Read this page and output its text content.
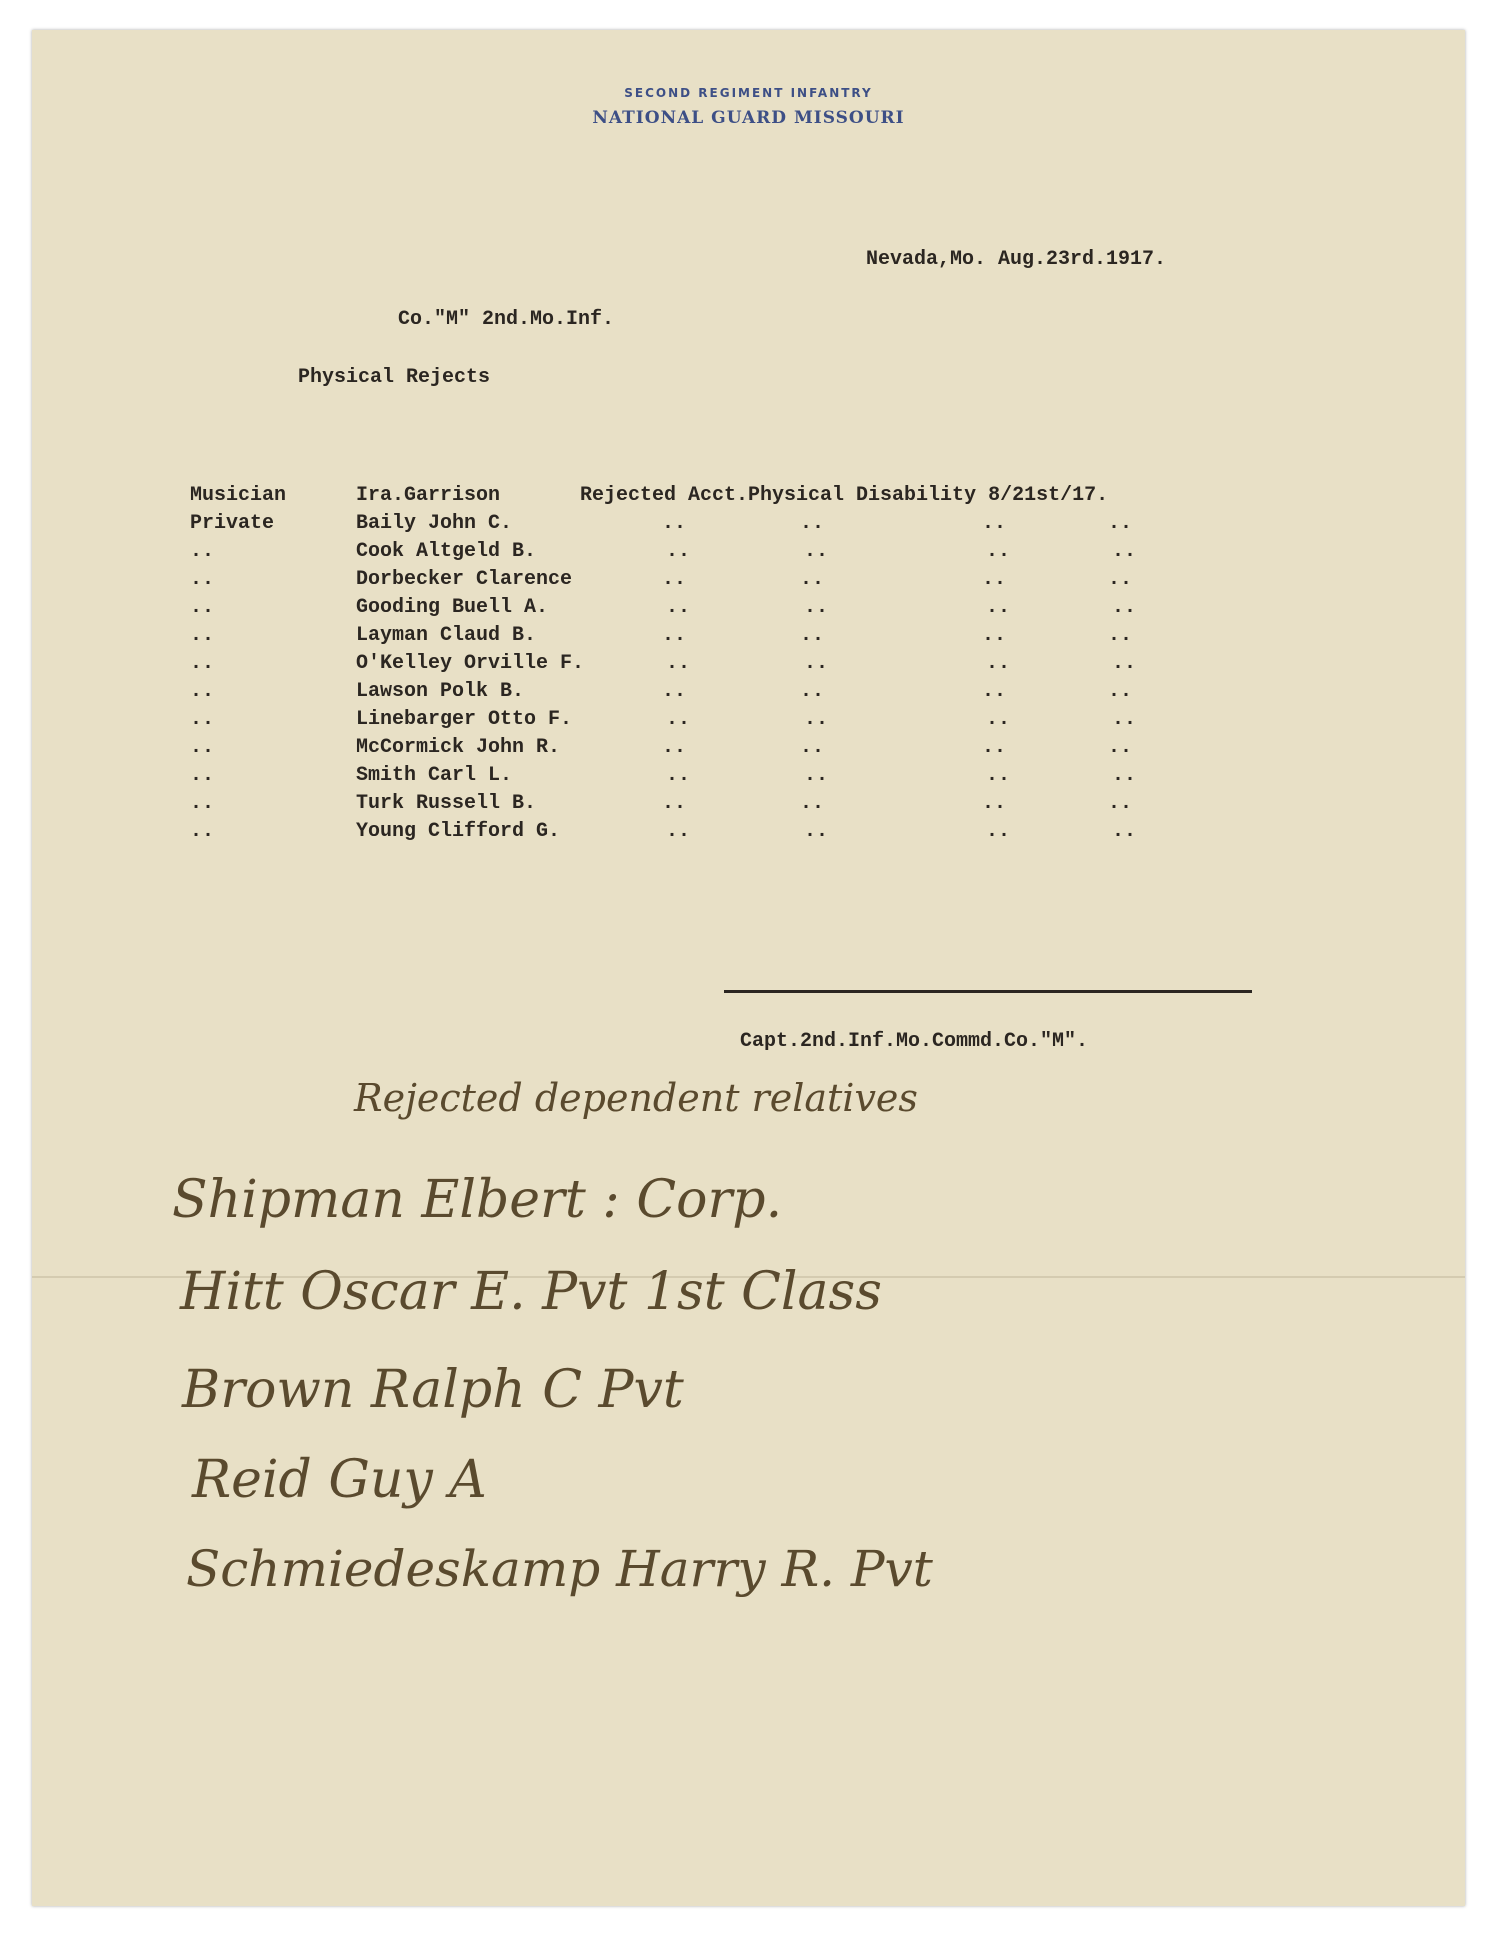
SECOND REGIMENT INFANTRY
NATIONAL GUARD MISSOURI
Nevada,Mo. Aug.23rd.1917.
Co."M" 2nd.Mo.Inf.
Physical Rejects
Musician	Ira.Garrison	Rejected Acct.Physical Disability 8/21st/17.
Private	Baily John C.	..	..	..	..
..	Cook Altgeld B.	..	..	..	..
..	Dorbecker Clarence	..	..	..	..
..	Gooding Buell A.	..	..	..	..
..	Layman Claud B.	..	..	..	..
..	O'Kelley Orville F.	..	..	..	..
..	Lawson Polk B.	..	..	..	..
..	Linebarger Otto F.	..	..	..	..
..	McCormick John R.	..	..	..	..
..	Smith Carl L.	..	..	..	..
..	Turk Russell B.	..	..	..	..
..	Young Clifford G.	..	..	..	..
Capt.2nd.Inf.Mo.Commd.Co."M".
Rejected dependent relatives
Shipman Elbert : Corp.
Hitt Oscar E. Pvt 1st Class
Brown Ralph C Pvt
Reid Guy A
Schmiedeskamp Harry R. Pvt
